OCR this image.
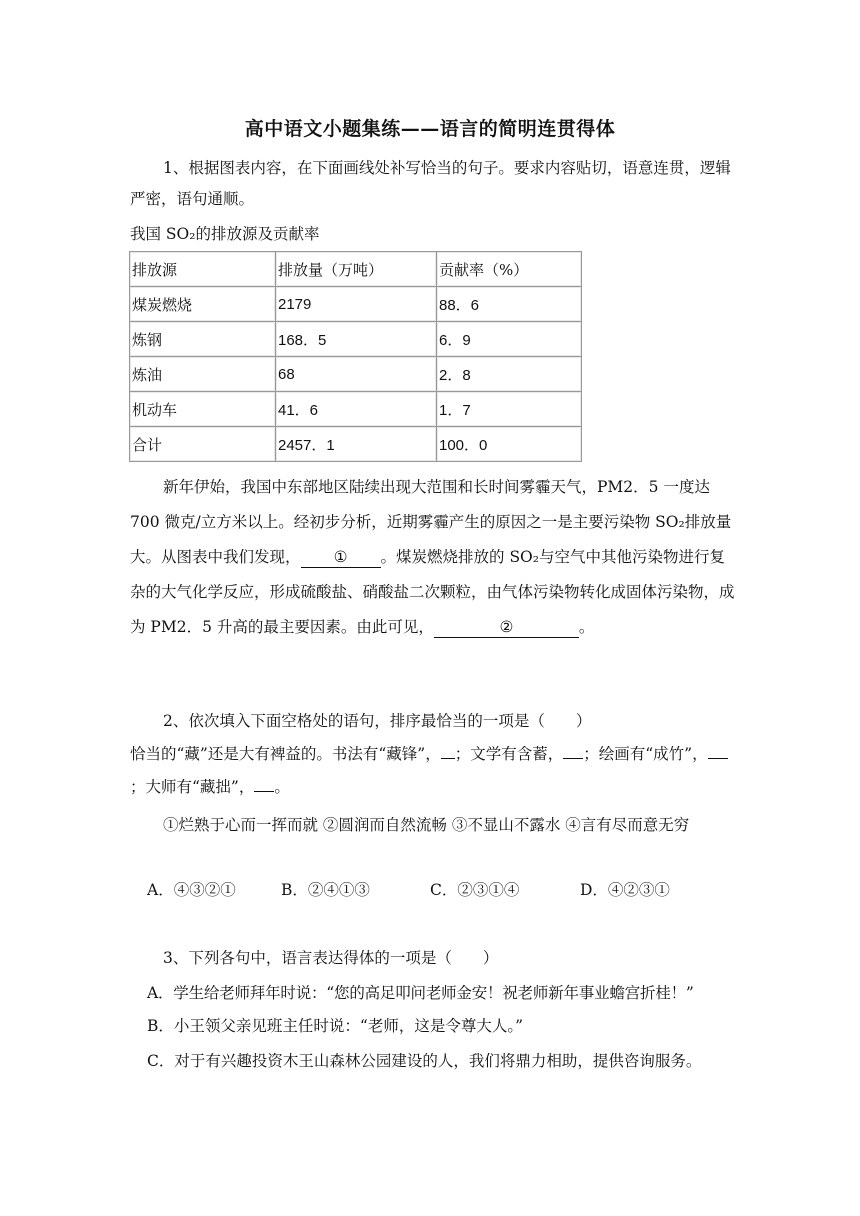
高中语文小题集练——语言的简明连贯得体
1、根据图表内容，在下面画线处补写恰当的句子。要求内容贴切，语意连贯，逻辑严密，语句通顺。
我国 SO₂的排放源及贡献率
排放源	排放量（万吨）	贡献率（%）
煤炭燃烧	2179	88．6
炼钢	168．5	6．9
炼油	68	2．8
机动车	41．6	1．7
合计	2457．1	100．0
新年伊始，我国中东部地区陆续出现大范围和长时间雾霾天气，PM2．5 一度达 700 微克/立方米以上。经初步分析，近期雾霾产生的原因之一是主要污染物 SO₂排放量大。从图表中我们发现， ① 。煤炭燃烧排放的 SO₂与空气中其他污染物进行复杂的大气化学反应，形成硫酸盐、硝酸盐二次颗粒，由气体污染物转化成固体污染物，成为 PM2．5 升高的最主要因素。由此可见，	②	。
2、依次填入下面空格处的语句，排序最恰当的一项是（　　）
恰当的“藏”还是大有裨益的。书法有“藏锋”， ；文学有含蓄， ；绘画有“成竹”，；大师有“藏拙”， 。
①烂熟于心而一挥而就 ②圆润而自然流畅 ③不显山不露水 ④言有尽而意无穷
A．④③②①	B．②④①③	C．②③①④	D．④②③①
3、下列各句中，语言表达得体的一项是（　　）
A．学生给老师拜年时说：“您的高足叩问老师金安！祝老师新年事业蟾宫折桂！”
B．小王领父亲见班主任时说：“老师，这是令尊大人。”
C．对于有兴趣投资木王山森林公园建设的人，我们将鼎力相助，提供咨询服务。
